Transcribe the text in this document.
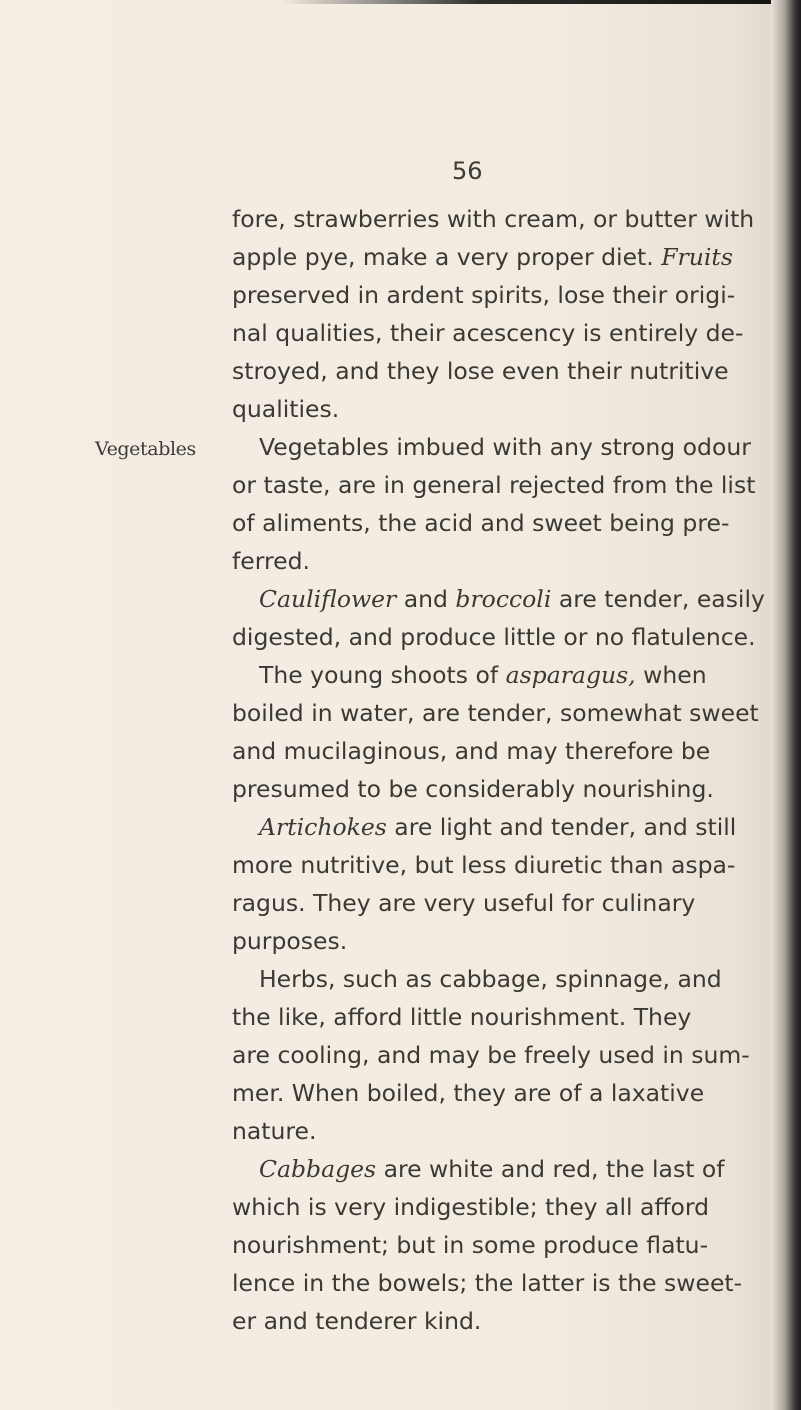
56
Vegetables
fore, strawberries with cream, or butter with
apple pye, make a very proper diet. Fruits
preserved in ardent spirits, lose their origi-
nal qualities, their acescency is entirely de-
stroyed, and they lose even their nutritive
qualities.
Vegetables imbued with any strong odour
or taste, are in general rejected from the list
of aliments, the acid and sweet being pre-
ferred.
Cauliflower and broccoli are tender, easily
digested, and produce little or no flatulence.
The young shoots of asparagus, when
boiled in water, are tender, somewhat sweet
and mucilaginous, and may therefore be
presumed to be considerably nourishing.
Artichokes are light and tender, and still
more nutritive, but less diuretic than aspa-
ragus. They are very useful for culinary
purposes.
Herbs, such as cabbage, spinnage, and
the like, afford little nourishment. They
are cooling, and may be freely used in sum-
mer. When boiled, they are of a laxative
nature.
Cabbages are white and red, the last of
which is very indigestible; they all afford
nourishment; but in some produce flatu-
lence in the bowels; the latter is the sweet-
er and tenderer kind.
